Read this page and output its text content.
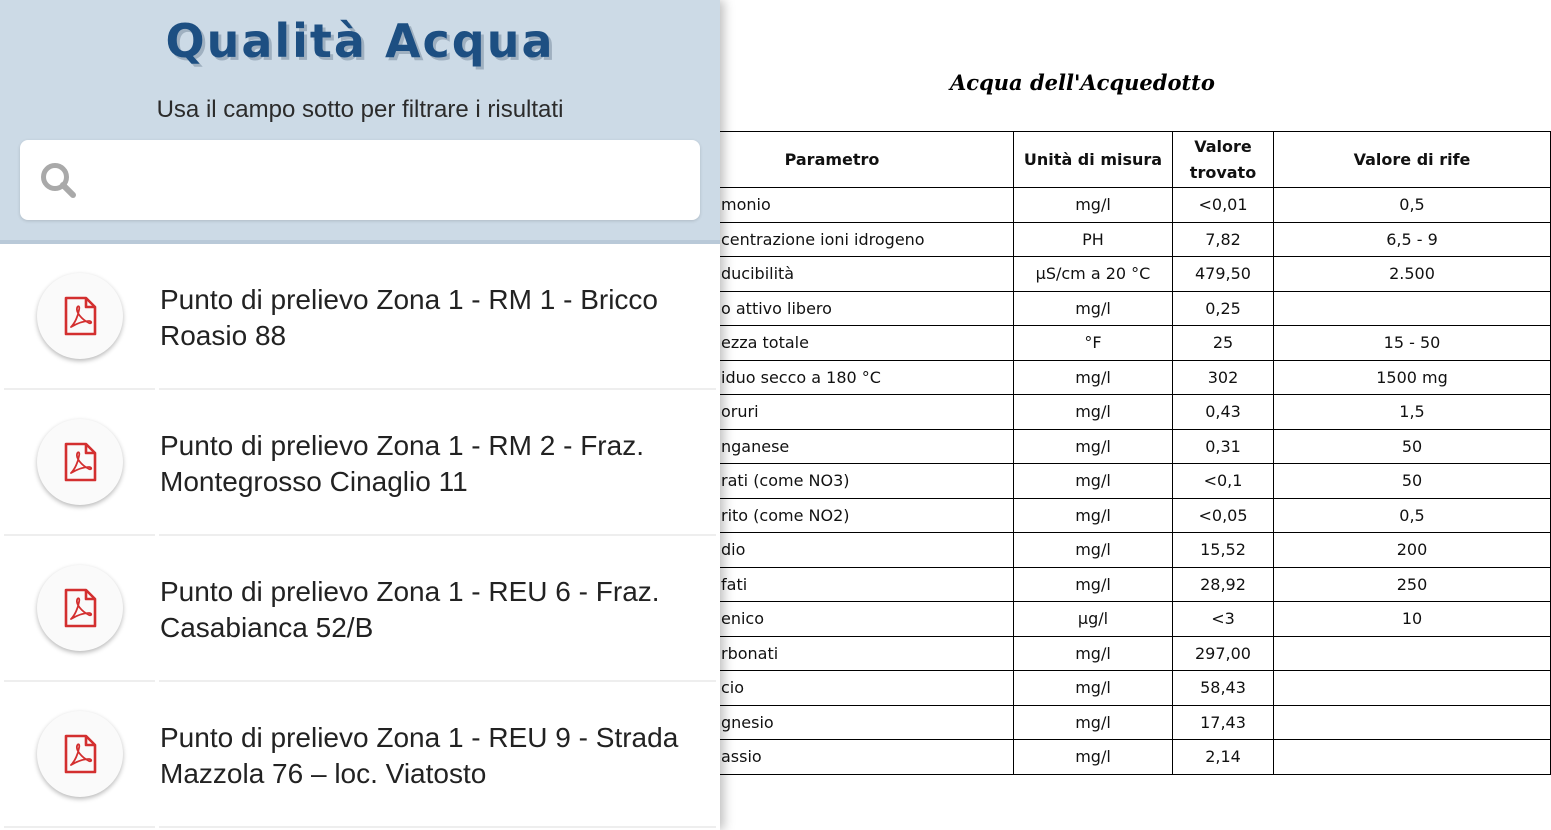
Acqua dell'Acquedotto
Parametro	Unità di misura	Valore trovato	Valore di rife
monio	mg/l	<0,01	0,5
centrazione ioni idrogeno	PH	7,82	6,5 - 9
ducibilità	µS/cm a 20 °C	479,50	2.500
o attivo libero	mg/l	0,25	
ezza totale	°F	25	15 - 50
iduo secco a 180 °C	mg/l	302	1500 mg
oruri	mg/l	0,43	1,5
nganese	mg/l	0,31	50
rati (come NO3)	mg/l	<0,1	50
rito (come NO2)	mg/l	<0,05	0,5
dio	mg/l	15,52	200
fati	mg/l	28,92	250
enico	µg/l	<3	10
rbonati	mg/l	297,00	
cio	mg/l	58,43	
gnesio	mg/l	17,43	
assio	mg/l	2,14	
Qualità Acqua
Usa il campo sotto per filtrare i risultati
Punto di prelievo Zona 1 - RM 1 - Bricco Roasio 88
Punto di prelievo Zona 1 - RM 2 - Fraz. Montegrosso Cinaglio 11
Punto di prelievo Zona 1 - REU 6 - Fraz. Casabianca 52/B
Punto di prelievo Zona 1 - REU 9 - Strada Mazzola 76 – loc. Viatosto
